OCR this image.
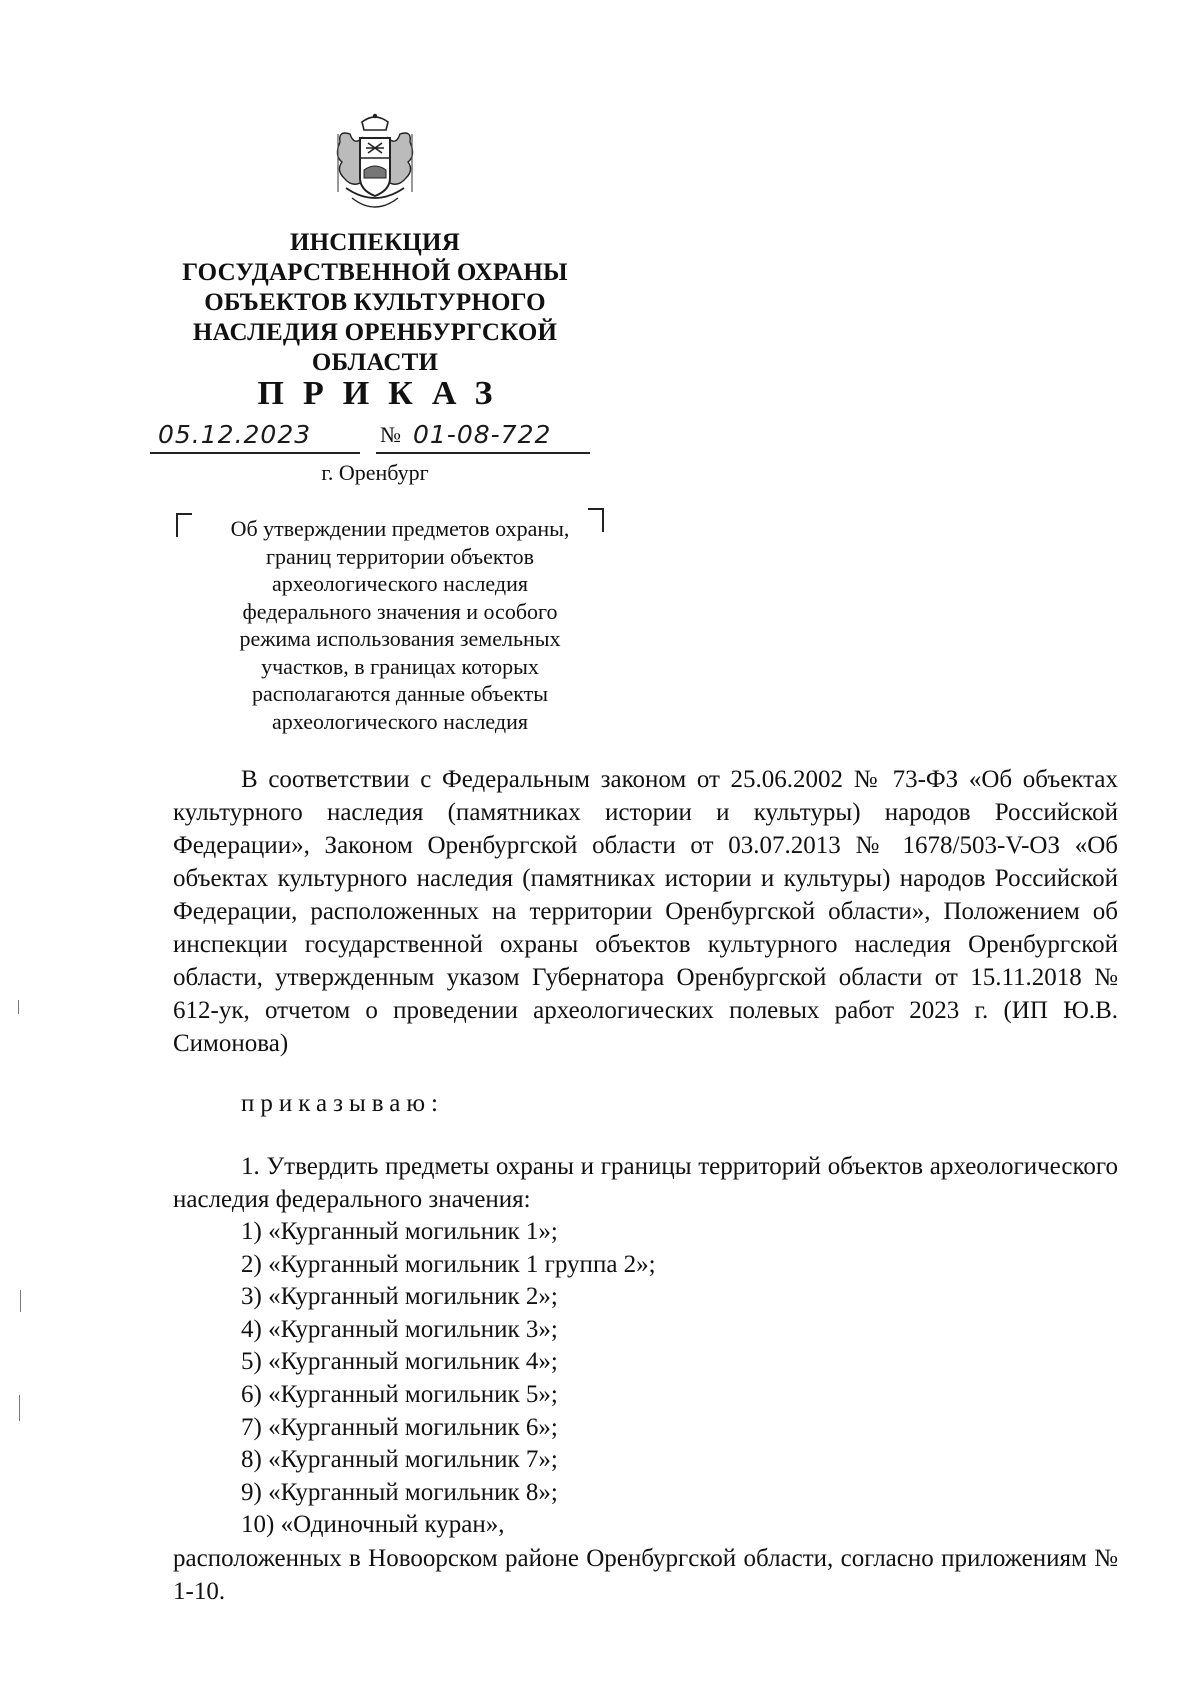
ИНСПЕКЦИЯ
ГОСУДАРСТВЕННОЙ ОХРАНЫ
ОБЪЕКТОВ КУЛЬТУРНОГО
НАСЛЕДИЯ ОРЕНБУРГСКОЙ
ОБЛАСТИ
ПРИКАЗ
05.12.2023	№ 01-08-722
г. Оренбург
Об утверждении предметов охраны,
границ территории объектов
археологического наследия
федерального значения и особого
режима использования земельных
участков, в границах которых
располагаются данные объекты
археологического наследия

В соответствии с Федеральным законом от 25.06.2002 № 73-ФЗ «Об объектах культурного наследия (памятниках истории и культуры) народов Российской Федерации», Законом Оренбургской области от 03.07.2013 № 1678/503-V-ОЗ «Об объектах культурного наследия (памятниках истории и культуры) народов Российской Федерации, расположенных на территории Оренбургской области», Положением об инспекции государственной охраны объектов культурного наследия Оренбургской области, утвержденным указом Губернатора Оренбургской области от 15.11.2018 № 612-ук, отчетом о проведении археологических полевых работ 2023 г. (ИП Ю.В. Симонова)

приказываю:

1. Утвердить предметы охраны и границы территорий объектов археологического наследия федерального значения:

1) «Курганный могильник 1»;
2) «Курганный могильник 1 группа 2»;
3) «Курганный могильник 2»;
4) «Курганный могильник 3»;
5) «Курганный могильник 4»;
6) «Курганный могильник 5»;
7) «Курганный могильник 6»;
8) «Курганный могильник 7»;
9) «Курганный могильник 8»;
10) «Одиночный куран»,

расположенных в Новоорском районе Оренбургской области, согласно приложениям № 1-10.
